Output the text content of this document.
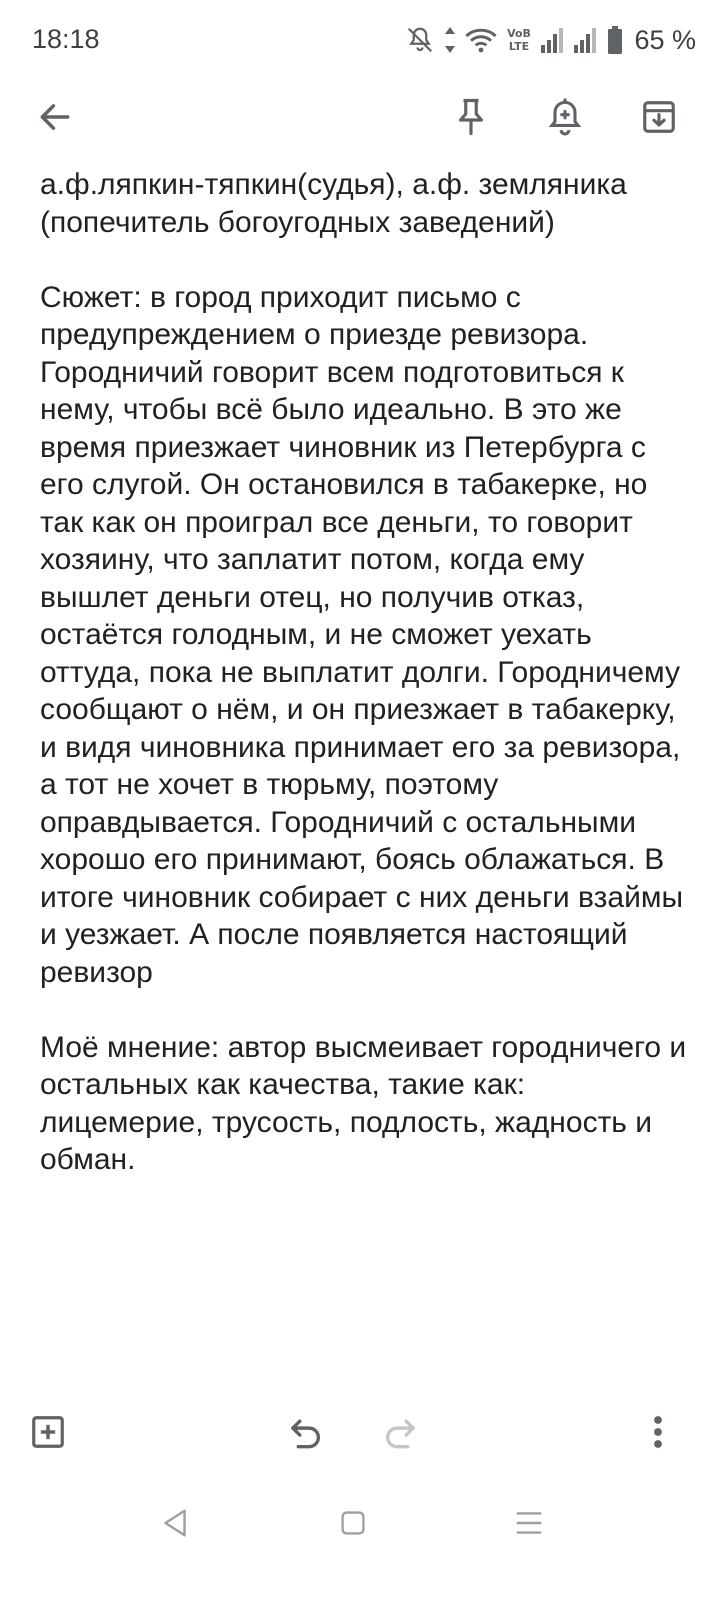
18:18	VoB
LTE	65 %

а.ф.ляпкин-тяпкин(судья), а.ф. земляника (попечитель богоугодных заведений)

Сюжет: в город приходит письмо с предупреждением о приезде ревизора. Городничий говорит всем подготовиться к нему, чтобы всё было идеально. В это же время приезжает чиновник из Петербурга с его слугой. Он остановился в табакерке, но так как он проиграл все деньги, то говорит хозяину, что заплатит потом, когда ему вышлет деньги отец, но получив отказ, остаётся голодным, и не сможет уехать оттуда, пока не выплатит долги. Городничему сообщают о нём, и он приезжает в табакерку, и видя чиновника принимает его за ревизора, а тот не хочет в тюрьму, поэтому оправдывается. Городничий с остальными хорошо его принимают, боясь облажаться. В итоге чиновник собирает с них деньги взаймы и уезжает. А после появляется настоящий ревизор

Моё мнение: автор высмеивает городничего и остальных как качества, такие как: лицемерие, трусость, подлость, жадность и обман.
